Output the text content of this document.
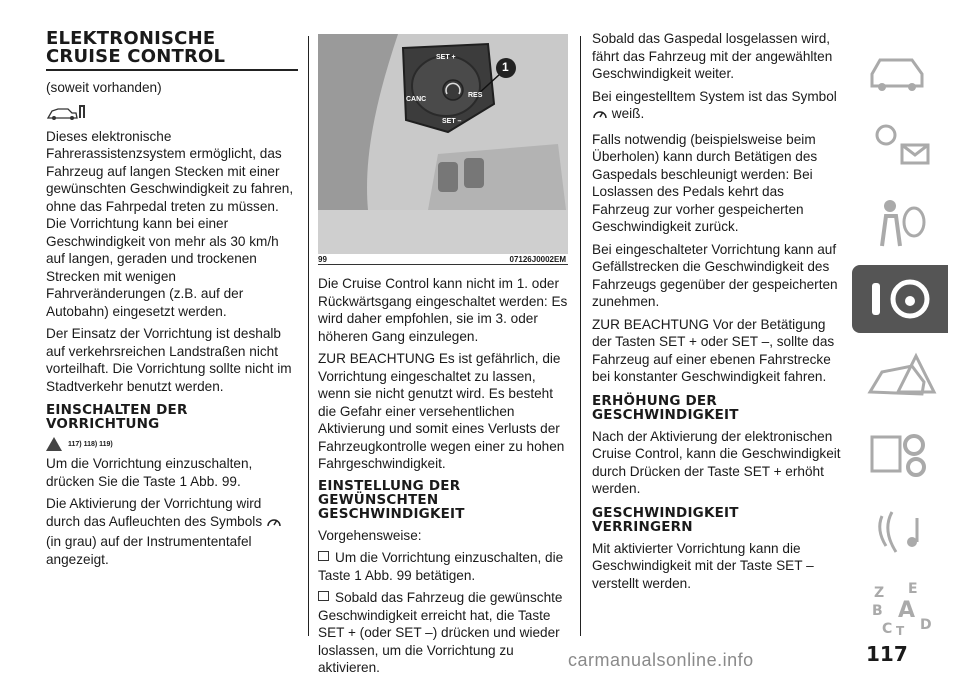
ELEKTRONISCHE
CRUISE CONTROL

(soweit vorhanden)

Dieses elektronische Fahrerassistenzsystem ermöglicht, das Fahrzeug auf langen Stecken mit einer gewünschten Geschwindigkeit zu fahren, ohne das Fahrpedal treten zu müssen. Die Vorrichtung kann bei einer Geschwindigkeit von mehr als 30 km/h auf langen, geraden und trockenen Strecken mit wenigen Fahrveränderungen (z.B. auf der Autobahn) eingesetzt werden.

Der Einsatz der Vorrichtung ist deshalb auf verkehrsreichen Landstraßen nicht vorteilhaft. Die Vorrichtung sollte nicht im Stadtverkehr benutzt werden.

EINSCHALTEN DER
VORRICHTUNG
117) 118) 119)

Um die Vorrichtung einzuschalten, drücken Sie die Taste 1 Abb. 99.

Die Aktivierung der Vorrichtung wird durch das Aufleuchten des Symbols  (in grau) auf der Instrumententafel angezeigt.

SET +
CANC
RES
SET –
1
99	07126J0002EM

Die Cruise Control kann nicht im 1. oder Rückwärtsgang eingeschaltet werden: Es wird daher empfohlen, sie im 3. oder höheren Gang einzulegen.

ZUR BEACHTUNG Es ist gefährlich, die Vorrichtung eingeschaltet zu lassen, wenn sie nicht genutzt wird. Es besteht die Gefahr einer versehentlichen Aktivierung und somit eines Verlusts der Fahrzeugkontrolle wegen einer zu hohen Fahrgeschwindigkeit.

EINSTELLUNG DER
GEWÜNSCHTEN
GESCHWINDIGKEIT

Vorgehensweise:

Um die Vorrichtung einzuschalten, die Taste 1 Abb. 99 betätigen.

Sobald das Fahrzeug die gewünschte Geschwindigkeit erreicht hat, die Taste SET + (oder SET –) drücken und wieder loslassen, um die Vorrichtung zu aktivieren.

Sobald das Gaspedal losgelassen wird, fährt das Fahrzeug mit der angewählten Geschwindigkeit weiter.

Bei eingestelltem System ist das Symbol  weiß.

Falls notwendig (beispielsweise beim Überholen) kann durch Betätigen des Gaspedals beschleunigt werden: Bei Loslassen des Pedals kehrt das Fahrzeug zur vorher gespeicherten Geschwindigkeit zurück.

Bei eingeschalteter Vorrichtung kann auf Gefällstrecken die Geschwindigkeit des Fahrzeugs gegenüber der gespeicherten zunehmen.

ZUR BEACHTUNG Vor der Betätigung der Tasten SET + oder SET –, sollte das Fahrzeug auf einer ebenen Fahrstrecke bei konstanter Geschwindigkeit fahren.

ERHÖHUNG DER
GESCHWINDIGKEIT

Nach der Aktivierung der elektronischen Cruise Control, kann die Geschwindigkeit durch Drücken der Taste SET + erhöht werden.

GESCHWINDIGKEIT
VERRINGERN

Mit aktivierter Vorrichtung kann die Geschwindigkeit mit der Taste SET – verstellt werden.

Z E
B A
C T D
carmanualsonline.info	117
